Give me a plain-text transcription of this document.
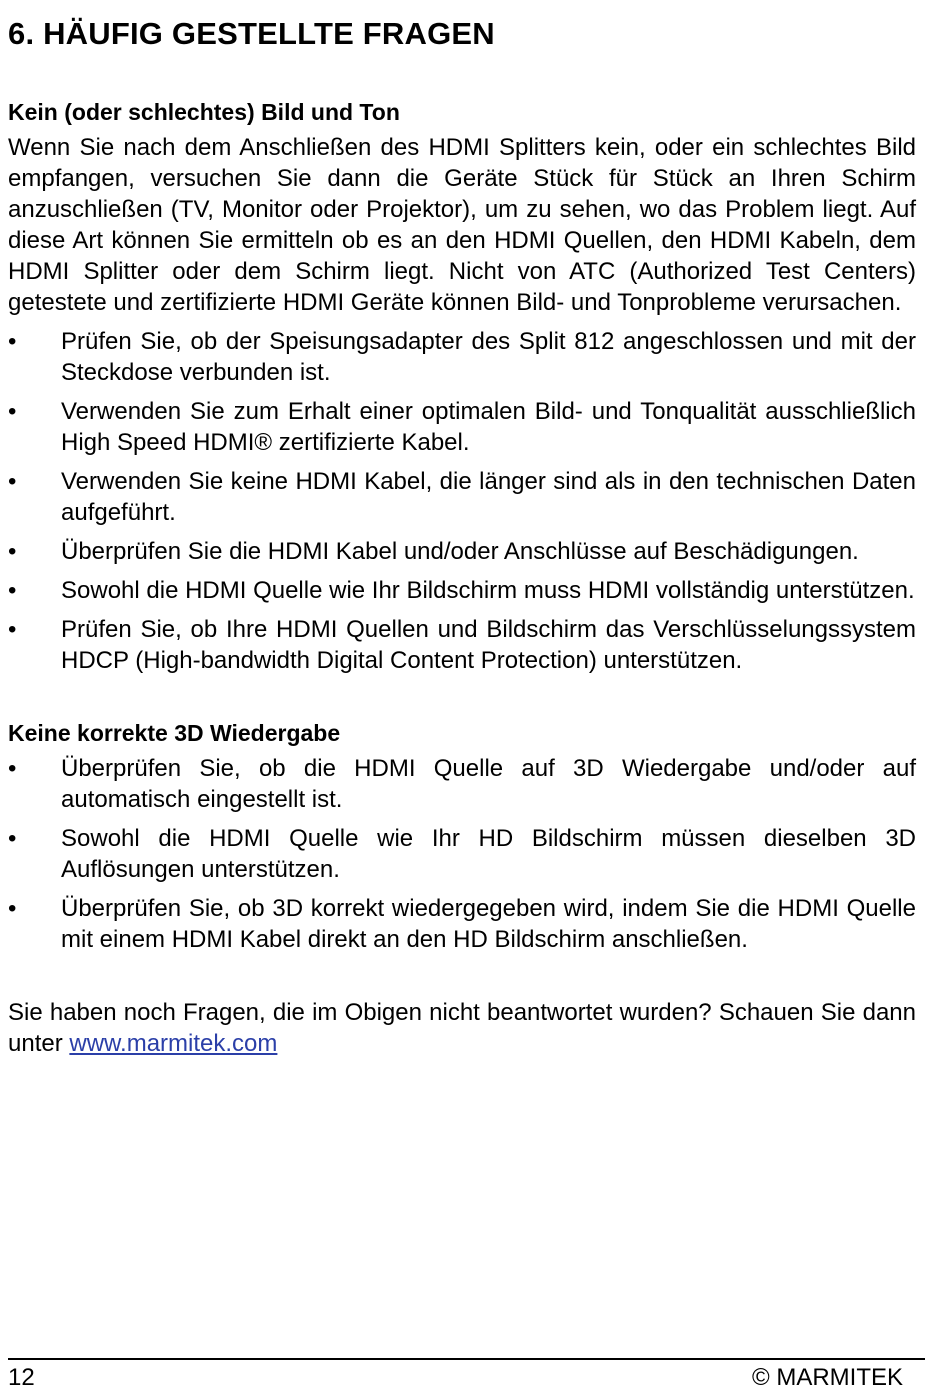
6. HÄUFIG GESTELLTE FRAGEN
Kein (oder schlechtes) Bild und Ton

Wenn Sie nach dem Anschließen des HDMI Splitters kein, oder ein schlechtes Bild empfangen, versuchen Sie dann die Geräte Stück für Stück an Ihren Schirm anzuschließen (TV, Monitor oder Projektor), um zu sehen, wo das Problem liegt. Auf diese Art können Sie ermitteln ob es an den HDMI Quellen, den HDMI Kabeln, dem HDMI Splitter oder dem Schirm liegt. Nicht von ATC (Authorized Test Centers) getestete und zertifizierte HDMI Geräte können Bild- und Tonprobleme verursachen.

•	Prüfen Sie, ob der Speisungsadapter des Split 812 angeschlossen und mit der Steckdose verbunden ist.
•	Verwenden Sie zum Erhalt einer optimalen Bild- und Tonqualität ausschließlich High Speed HDMI® zertifizierte Kabel.
•	Verwenden Sie keine HDMI Kabel, die länger sind als in den technischen Daten aufgeführt.
•	Überprüfen Sie die HDMI Kabel und/oder Anschlüsse auf Beschädigungen.
•	Sowohl die HDMI Quelle wie Ihr Bildschirm muss HDMI vollständig unterstützen.
•	Prüfen Sie, ob Ihre HDMI Quellen und Bildschirm das Verschlüsselungssystem HDCP (High-bandwidth Digital Content Protection) unterstützen.
Keine korrekte 3D Wiedergabe
•	Überprüfen Sie, ob die HDMI Quelle auf 3D Wiedergabe und/oder auf automatisch eingestellt ist.
•	Sowohl die HDMI Quelle wie Ihr HD Bildschirm müssen dieselben 3D Auflösungen unterstützen.
•	Überprüfen Sie, ob 3D korrekt wiedergegeben wird, indem Sie die HDMI Quelle mit einem HDMI Kabel direkt an den HD Bildschirm anschließen.

Sie haben noch Fragen, die im Obigen nicht beantwortet wurden? Schauen Sie dann unter www.marmitek.com

12	© MARMITEK
